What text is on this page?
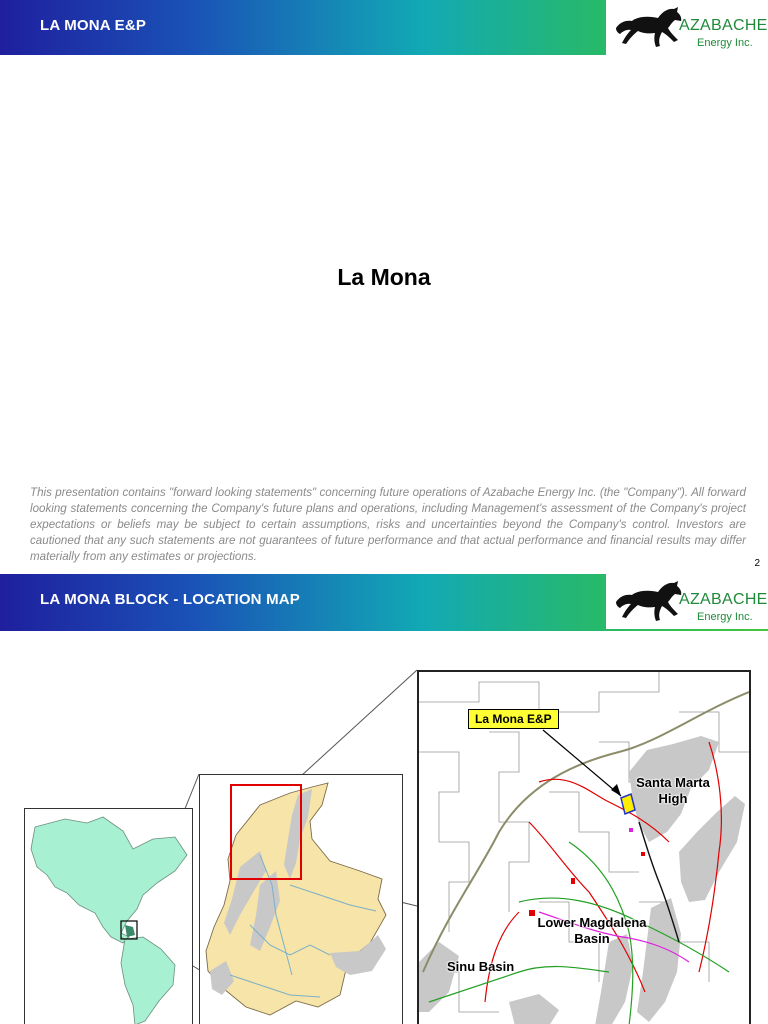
LA MONA E&P	AZABACHE
Energy Inc.
La Mona
This presentation contains "forward looking statements" concerning future operations of Azabache Energy Inc. (the "Company"). All forward looking statements concerning the Company's future plans and operations, including Management's assessment of the Company's project expectations or beliefs may be subject to certain assumptions, risks and uncertainties beyond the Company's control. Investors are cautioned that any such statements are not guarantees of future performance and that actual performance and financial results may differ materially from any estimates or projections.
2
LA MONA BLOCK - LOCATION MAP	AZABACHE
Energy Inc.
La Mona E&P
Santa Marta High
Lower Magdalena Basin
Sinu Basin
